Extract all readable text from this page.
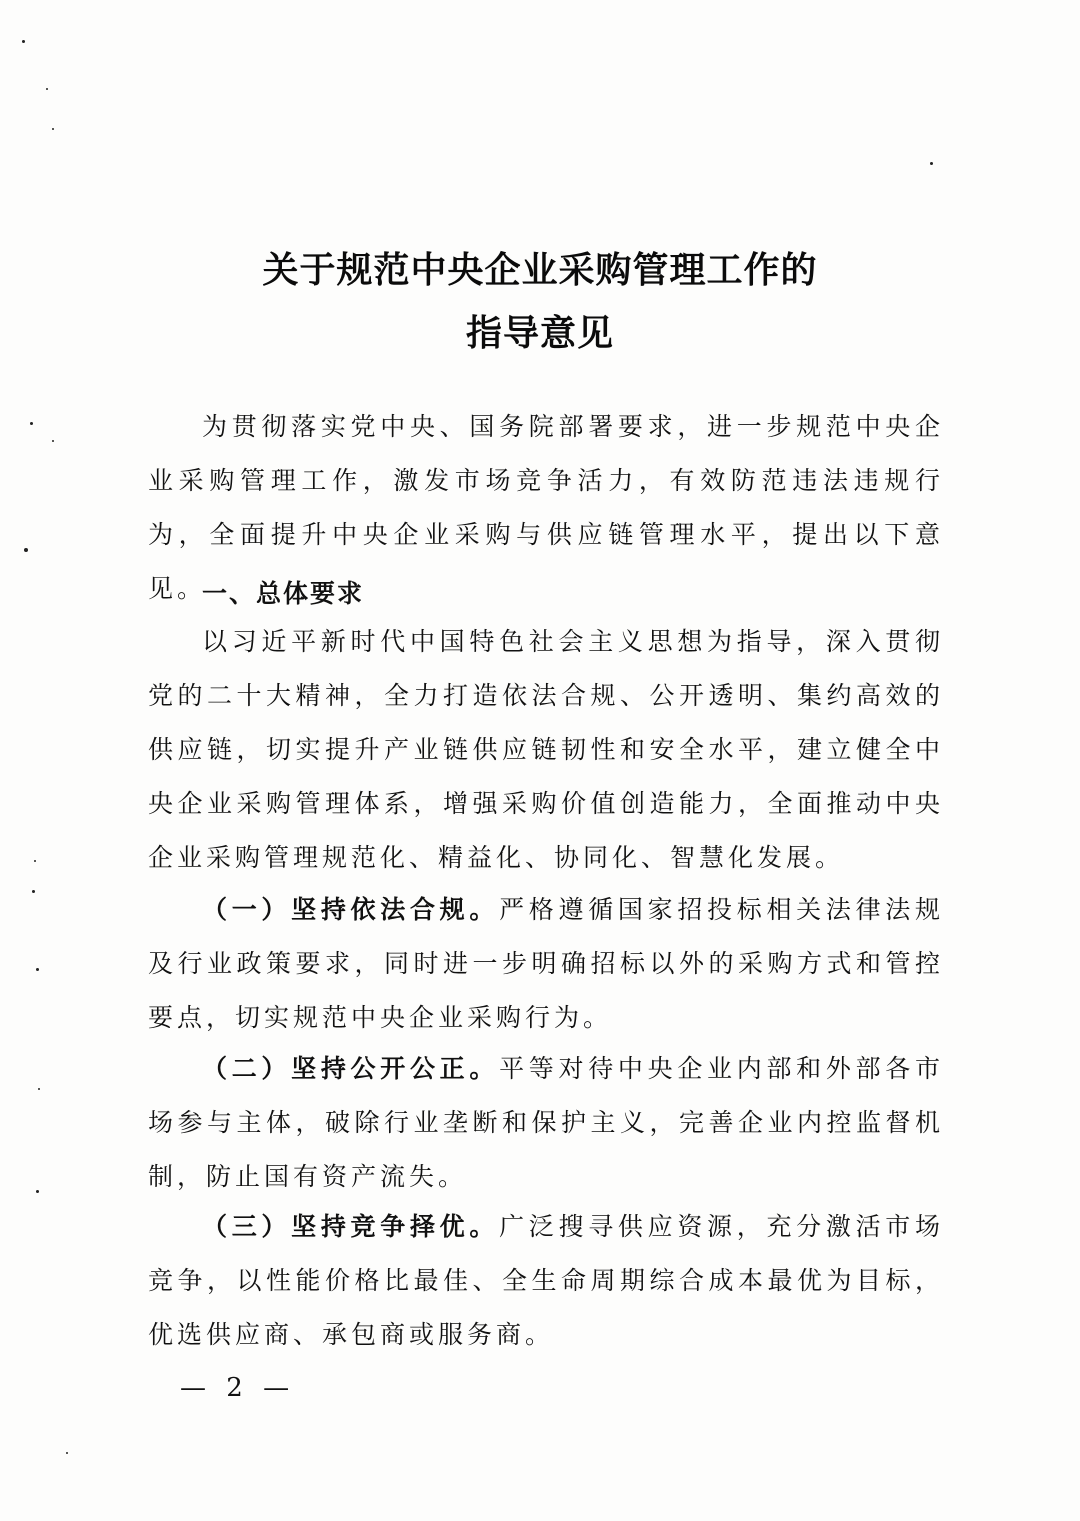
关于规范中央企业采购管理工作的
指导意见
为贯彻落实党中央、国务院部署要求，进一步规范中央企业采购管理工作，激发市场竞争活力，有效防范违法违规行为，全面提升中央企业采购与供应链管理水平，提出以下意见。
一、总体要求
以习近平新时代中国特色社会主义思想为指导，深入贯彻党的二十大精神，全力打造依法合规、公开透明、集约高效的供应链，切实提升产业链供应链韧性和安全水平，建立健全中央企业采购管理体系，增强采购价值创造能力，全面推动中央企业采购管理规范化、精益化、协同化、智慧化发展。
（一）坚持依法合规。严格遵循国家招投标相关法律法规及行业政策要求，同时进一步明确招标以外的采购方式和管控要点，切实规范中央企业采购行为。
（二）坚持公开公正。平等对待中央企业内部和外部各市场参与主体，破除行业垄断和保护主义，完善企业内控监督机制，防止国有资产流失。
（三）坚持竞争择优。广泛搜寻供应资源，充分激活市场竞争，以性能价格比最佳、全生命周期综合成本最优为目标，优选供应商、承包商或服务商。
— 2 —
